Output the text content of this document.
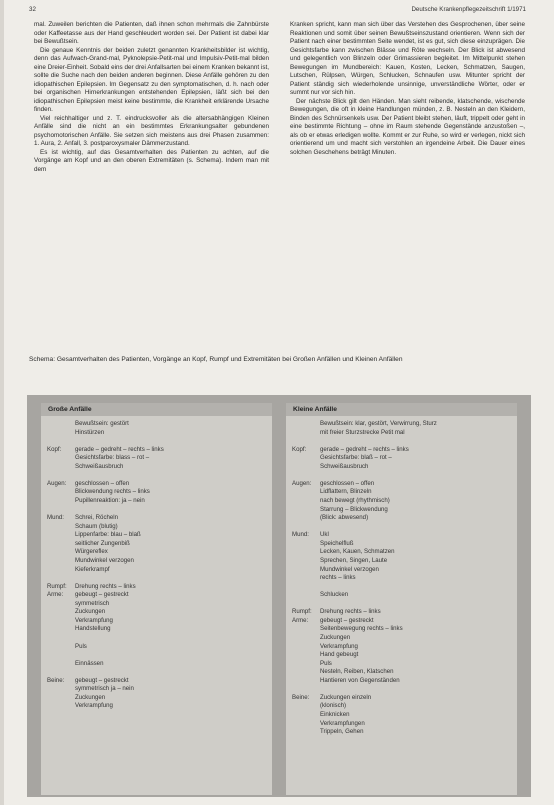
32	Deutsche Krankenpflegezeitschrift 1/1971

mal. Zuweilen berichten die Patienten, daß ihnen schon mehrmals die Zahnbürste oder Kaffeetasse aus der Hand geschleudert worden sei. Der Patient ist dabei klar bei Bewußtsein.

Die genaue Kenntnis der beiden zuletzt genannten Krankheitsbilder ist wichtig, denn das Aufwach-Grand-mal, Pyknolepsie-Petit-mal und Impulsiv-Petit-mal bilden eine Dreier-Einheit. Sobald eins der drei Anfallsarten bei einem Kranken bekannt ist, sollte die Suche nach den beiden anderen beginnen. Diese Anfälle gehören zu den idiopathischen Epilepsien. Im Gegensatz zu den symptomatischen, d. h. nach oder bei organischen Hirnerkrankungen entstehenden Epilepsien, läßt sich bei den idiopathischen Epilepsien meist keine bestimmte, die Krankheit erklärende Ursache finden.

Viel reichhaltiger und z. T. eindrucksvoller als die altersabhängigen Kleinen Anfälle sind die nicht an ein bestimmtes Erkrankungsalter gebundenen psychomotorischen Anfälle. Sie setzen sich meistens aus drei Phasen zusammen: 1. Aura, 2. Anfall, 3. postparoxysmaler Dämmerzustand.

Es ist wichtig, auf das Gesamtverhalten des Patienten zu achten, auf die Vorgänge am Kopf und an den oberen Extremitäten (s. Schema). Indem man mit dem

Kranken spricht, kann man sich über das Verstehen des Gesprochenen, über seine Reaktionen und somit über seinen Bewußtseinszustand orientieren. Wenn sich der Patient nach einer bestimmten Seite wendet, ist es gut, sich diese einzuprägen. Die Gesichtsfarbe kann zwischen Blässe und Röte wechseln. Der Blick ist abwesend und gelegentlich von Blinzeln oder Grimassieren begleitet. Im Mittelpunkt stehen Bewegungen im Mundbereich: Kauen, Kosten, Lecken, Schmatzen, Saugen, Lutschen, Rülpsen, Würgen, Schlucken, Schnaufen usw. Mitunter spricht der Patient ständig sich wiederholende unsinnige, unverständliche Wörter, oder er summt nur vor sich hin.

Der nächste Blick gilt den Händen. Man sieht reibende, klatschende, wischende Bewegungen, die oft in kleine Handlungen münden, z. B. Nesteln an den Kleidern, Binden des Schnürsenkels usw. Der Patient bleibt stehen, läuft, trippelt oder geht in eine bestimmte Richtung – ohne im Raum stehende Gegenstände anzustoßen –, als ob er etwas erledigen wollte. Kommt er zur Ruhe, so wird er verlegen, nickt sich orientierend um und macht sich verstohlen an irgendeine Arbeit. Die Dauer eines solchen Geschehens beträgt Minuten.

Schema: Gesamtverhalten des Patienten, Vorgänge an Kopf, Rumpf und Extremitäten bei Großen Anfällen und Kleinen Anfällen
Große Anfälle
Bewußtsein: gestört
Hinstürzen
Kopf:	gerade – gedreht – rechts – links
Gesichtsfarbe: blass – rot –
Schweißausbruch
Augen:	geschlossen – offen
Blickwendung rechts – links
Pupillenreaktion: ja – nein
Mund:	Schrei, Röcheln
Schaum (blutig)
Lippenfarbe: blau – blaß
seitlicher Zungenbiß
Würgereflex
Mundwinkel verzogen
Kieferkrampf
Rumpf:	Drehung rechts – links
Arme:	gebeugt – gestreckt
symmetrisch
Zuckungen
Verkrampfung
Handstellung
Puls
Einnässen
Beine:	gebeugt – gestreckt
symmetrisch ja – nein
Zuckungen
Verkrampfung
Kleine Anfälle
Bewußtsein: klar, gestört, Verwirrung, Sturz
mit freier Sturzstrecke Petit mal
Kopf:	gerade – gedreht – rechts – links
Gesichtsfarbe: blaß – rot –
Schweißausbruch
Augen:	geschlossen – offen
Lidflattern, Blinzeln
nach bewegt (rhythmisch)
Starrung – Blickwendung
(Blick: abwesend)
Mund:	Ukl
Speichelfluß
Lecken, Kauen, Schmatzen
Sprechen, Singen, Laute
Mundwinkel verzogen
rechts – links
Schlucken
Rumpf:	Drehung rechts – links
Arme:	gebeugt – gestreckt
Seitenbewegung rechts – links
Zuckungen
Verkrampfung
Hand gebeugt
Puls
Nesteln, Reiben, Klatschen
Hantieren von Gegenständen
Beine:	Zuckungen einzeln
(klonisch)
Einknicken
Verkrampfungen
Trippeln, Gehen
